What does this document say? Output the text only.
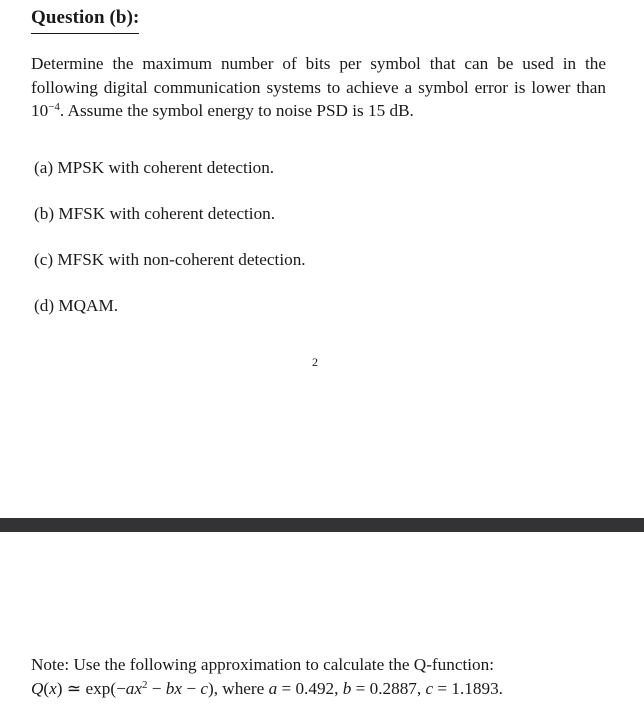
Question (b):
Determine the maximum number of bits per symbol that can be used in the following digital communication systems to achieve a symbol error is lower than $10^{-4}$. Assume the symbol energy to noise PSD is 15 dB.
(a) MPSK with coherent detection.
(b) MFSK with coherent detection.
(c) MFSK with non-coherent detection.
(d) MQAM.
2
Note: Use the following approximation to calculate the Q-function:
Q(x) ≃ $\exp(-ax^2$ − bx − c), where a = 0.492, b = 0.2887, c = 1.1893.
